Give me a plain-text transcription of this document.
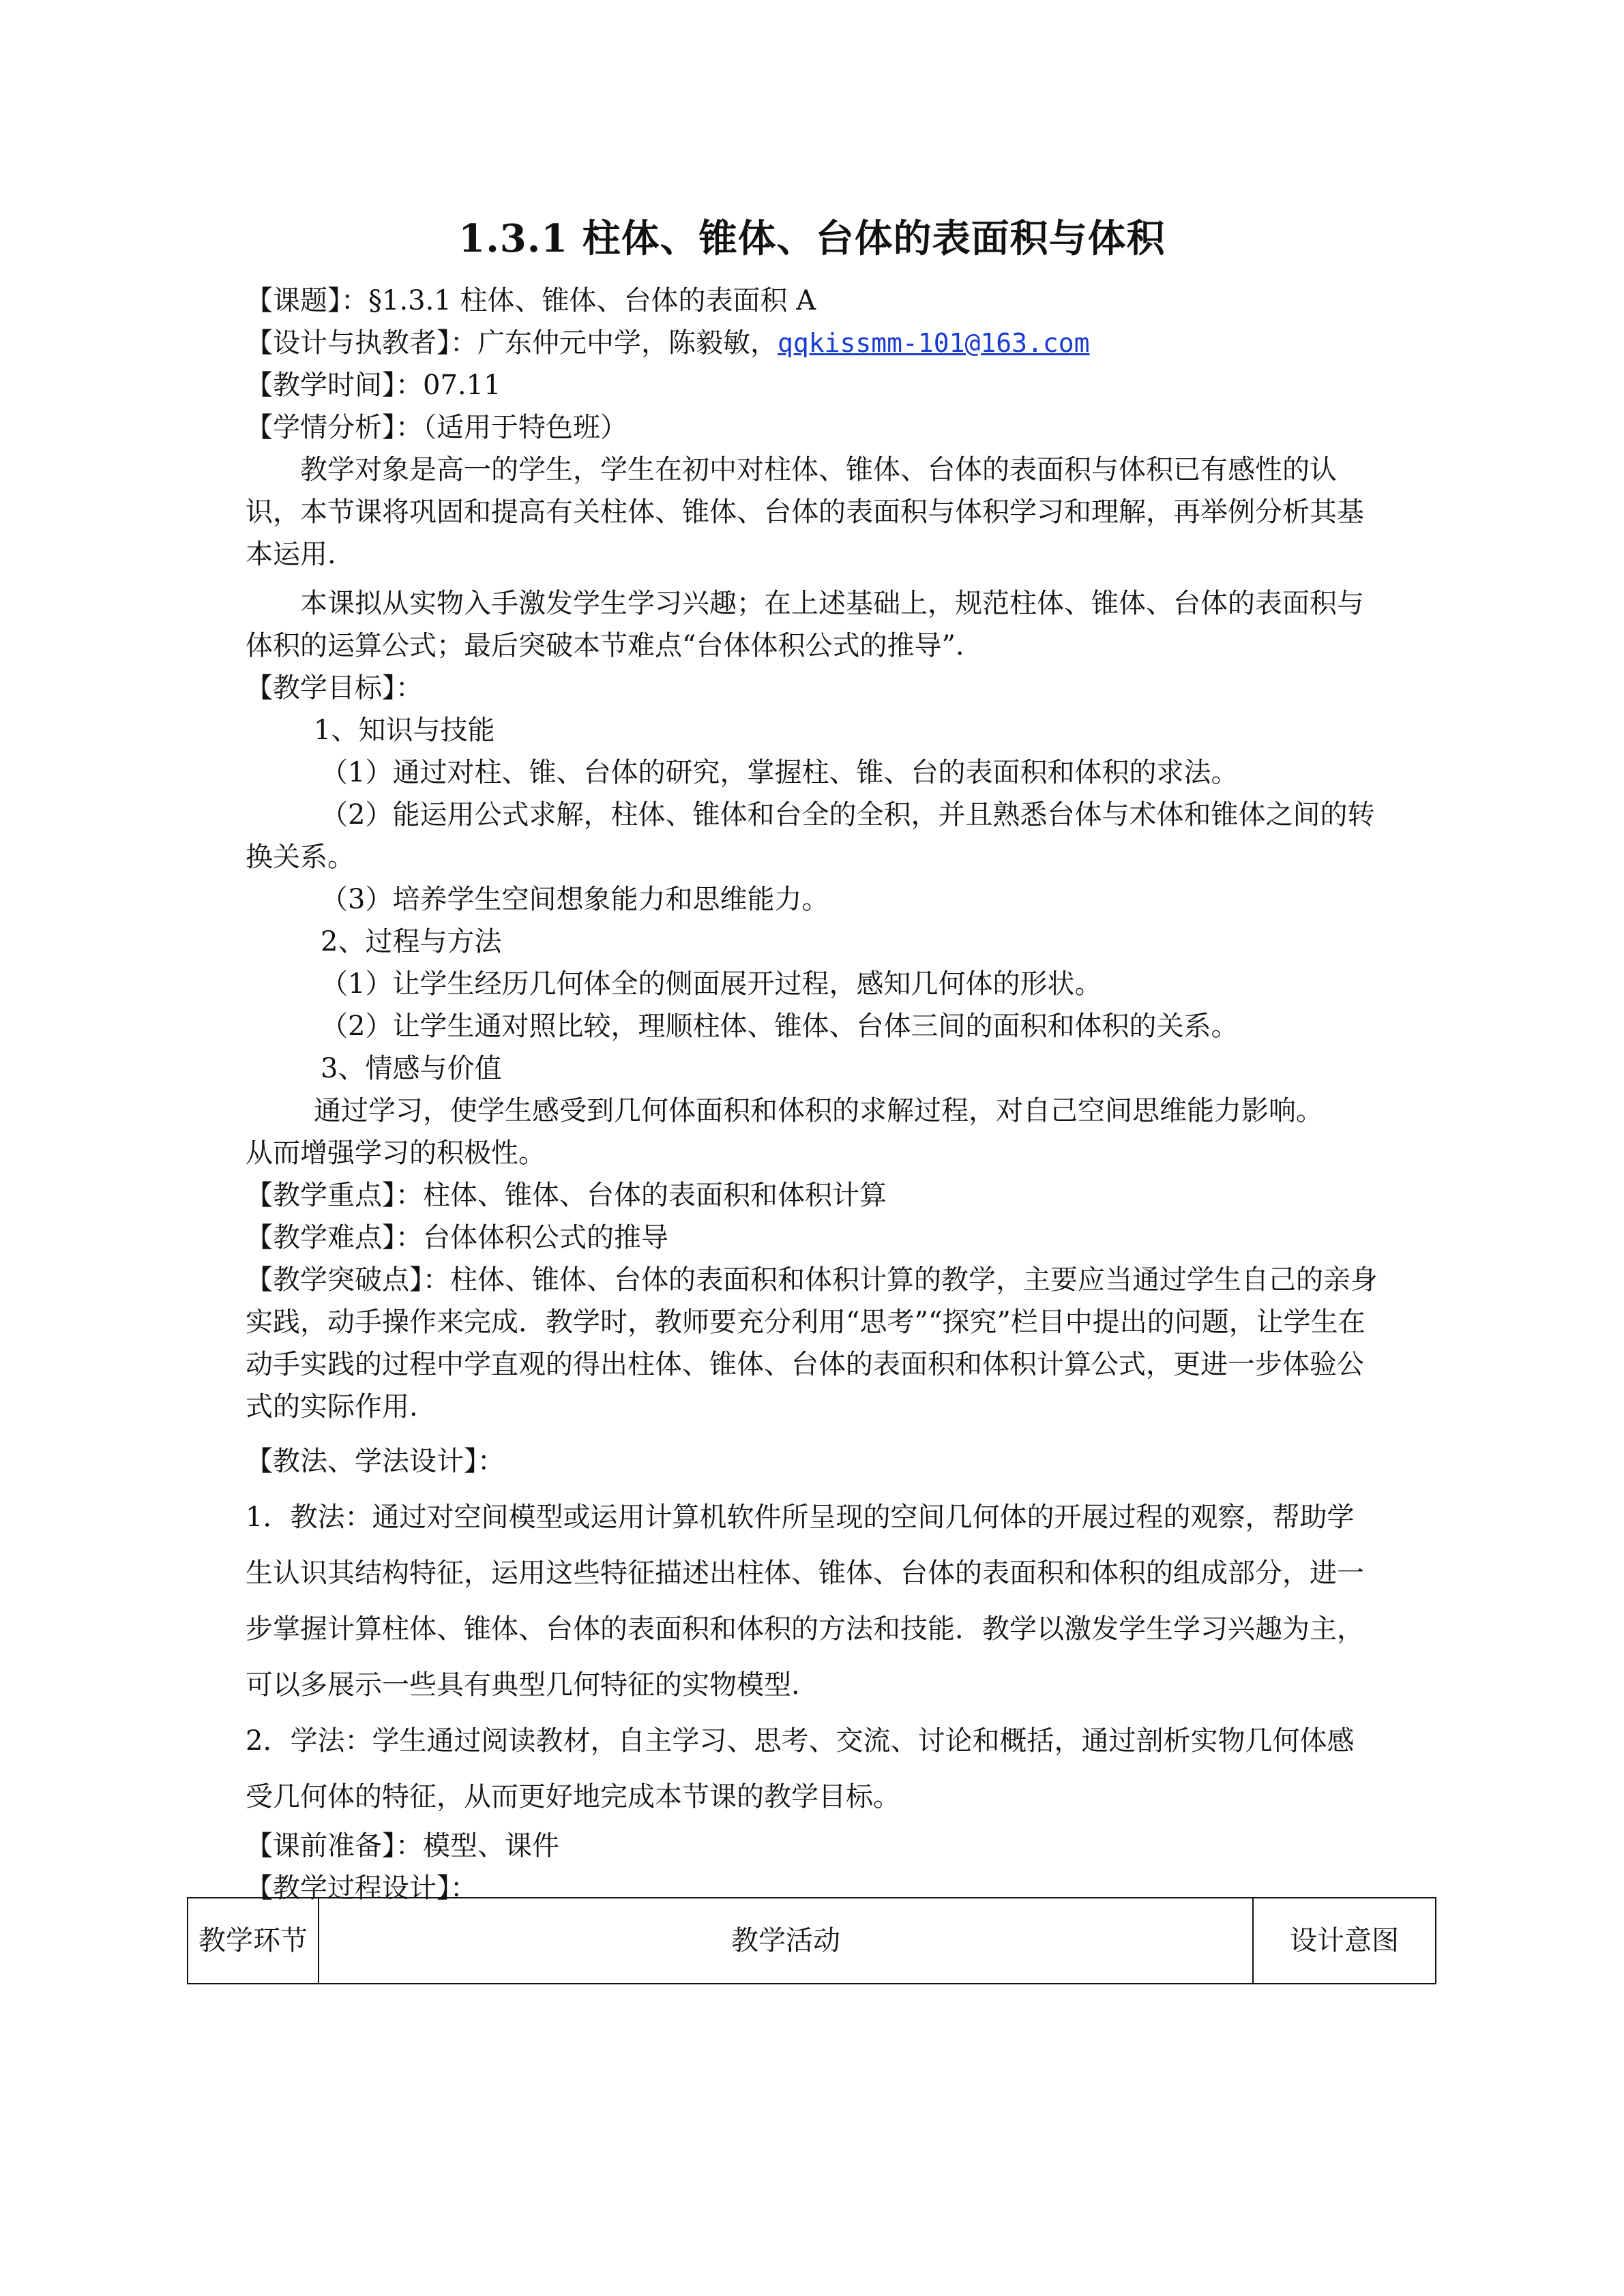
1.3.1 柱体、锥体、台体的表面积与体积
【课题】：§1.3.1 柱体、锥体、台体的表面积 A
【设计与执教者】：广东仲元中学，陈毅敏，qqkissmm-101@163.com
【教学时间】：07.11
【学情分析】：（适用于特色班）
教学对象是高一的学生，学生在初中对柱体、锥体、台体的表面积与体积已有感性的认识，本节课将巩固和提高有关柱体、锥体、台体的表面积与体积学习和理解，再举例分析其基本运用.
本课拟从实物入手激发学生学习兴趣；在上述基础上，规范柱体、锥体、台体的表面积与体积的运算公式；最后突破本节难点“台体体积公式的推导”.
【教学目标】：
1、知识与技能
（1）通过对柱、锥、台体的研究，掌握柱、锥、台的表面积和体积的求法。
（2）能运用公式求解，柱体、锥体和台全的全积，并且熟悉台体与术体和锥体之间的转换关系。
（3）培养学生空间想象能力和思维能力。
2、过程与方法
（1）让学生经历几何体全的侧面展开过程，感知几何体的形状。
（2）让学生通对照比较，理顺柱体、锥体、台体三间的面积和体积的关系。
3、情感与价值
通过学习，使学生感受到几何体面积和体积的求解过程，对自己空间思维能力影响。从而增强学习的积极性。
【教学重点】：柱体、锥体、台体的表面积和体积计算
【教学难点】：台体体积公式的推导
【教学突破点】：柱体、锥体、台体的表面积和体积计算的教学，主要应当通过学生自己的亲身实践，动手操作来完成．教学时，教师要充分利用“思考”“探究”栏目中提出的问题，让学生在动手实践的过程中学直观的得出柱体、锥体、台体的表面积和体积计算公式，更进一步体验公式的实际作用.
【教法、学法设计】：
1．教法：通过对空间模型或运用计算机软件所呈现的空间几何体的开展过程的观察，帮助学生认识其结构特征，运用这些特征描述出柱体、锥体、台体的表面积和体积的组成部分，进一步掌握计算柱体、锥体、台体的表面积和体积的方法和技能．教学以激发学生学习兴趣为主，可以多展示一些具有典型几何特征的实物模型.
2．学法：学生通过阅读教材，自主学习、思考、交流、讨论和概括，通过剖析实物几何体感受几何体的特征，从而更好地完成本节课的教学目标。
【课前准备】：模型、课件
【教学过程设计】：
教学环节	教学活动	设计意图
